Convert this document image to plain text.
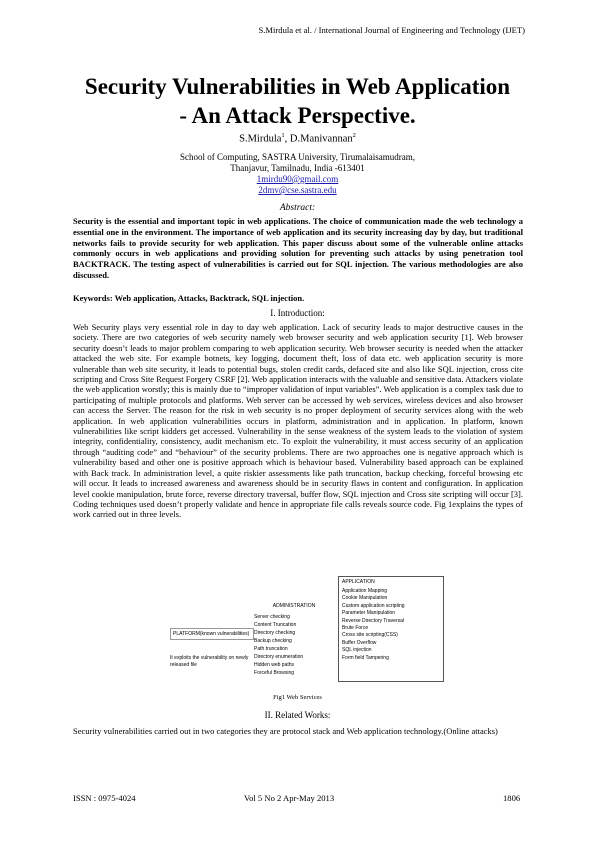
S.Mirdula et al. / International Journal of Engineering and Technology (IJET)
Security Vulnerabilities in Web Application
- An Attack Perspective.
S.Mirdula$^1$, D.Manivannan$^2$
School of Computing, SASTRA University, Tirumalaisamudram,
Thanjavur, Tamilnadu, India -613401
1mirdu90@gmail.com
2dmv@cse.sastra.edu
Abstract:
Security is the essential and important topic in web applications. The choice of communication made the web technology a essential one in the environment. The importance of web application and its security increasing day by day, but traditional networks fails to provide security for web application. This paper discuss about some of the vulnerable online attacks commonly occurs in web applications and providing solution for preventing such attacks by using penetration tool BACKTRACK. The testing aspect of vulnerabilities is carried out for SQL injection. The various methodologies are also discussed.
Keywords: Web application, Attacks, Backtrack, SQL injection.
I. Introduction:
Web Security plays very essential role in day to day web application. Lack of security leads to major destructive causes in the society. There are two categories of web security namely web browser security and web application security [1]. Web browser security doesn’t leads to major problem comparing to web application security. Web browser security is needed when the attacker attacked the web site. For example botnets, key logging, document theft, loss of data etc. web application security is more vulnerable than web site security, it leads to potential bugs, stolen credit cards, defaced site and also like SQL injection, cross cite scripting and Cross Site Request Forgery CSRF [2]. Web application interacts with the valuable and sensitive data. Attackers violate the web application worstly; this is mainly due to “improper validation of input variables”. Web application is a complex task due to participating of multiple protocols and platforms. Web server can be accessed by web services, wireless devices and also browser can access the Server. The reason for the risk in web security is no proper deployment of security services along with the web application. In web application vulnerabilities occurs in platform, administration and in application. In platform, known vulnerabilities like script kidders get accessed. Vulnerability in the sense weakness of the system leads to the violation of system integrity, confidentiality, consistency, audit mechanism etc. To exploit the vulnerability, it must access security of an application through “auditing code” and “behaviour” of the security problems. There are two approaches one is negative approach which is vulnerability based and other one is positive approach which is behaviour based. Vulnerability based approach can be explained with Back track. In administration level, a quite riskier assessments like path truncation, backup checking, forceful browsing etc will occur. It leads to increased awareness and awareness should be in security flaws in content and configuration. In application level cookie manipulation, brute force, reverse directory traversal, buffer flow, SQL injection and Cross site scripting will occur [3]. Coding techniques used doesn’t properly validate and hence in appropriate file calls reveals source code. Fig 1explains the types of work carried out in three levels.
PLATFORM(known vulnerabilities)
It exploits the vulnerability on newly released file
ADMINISTRATION
Server checking
Content Truncation
Directory checking
Backup checking
Path truncation
Directory enumeration
Hidden web paths
Forceful Browsing
APPLICATION
Application Mapping
Cookie Manipulation
Custom application scripting
Parameter Manipulation
Reverse Directory Traversal
Brute Force
Cross site scripting(CSS)
Buffer Overflow
SQL injection
Form field Tampering
Fig1 Web Services
II. Related Works:
Security vulnerabilities carried out in two categories they are protocol stack and Web application technology.(Online attacks)
ISSN : 0975-4024	Vol 5 No 2 Apr-May 2013	1806
